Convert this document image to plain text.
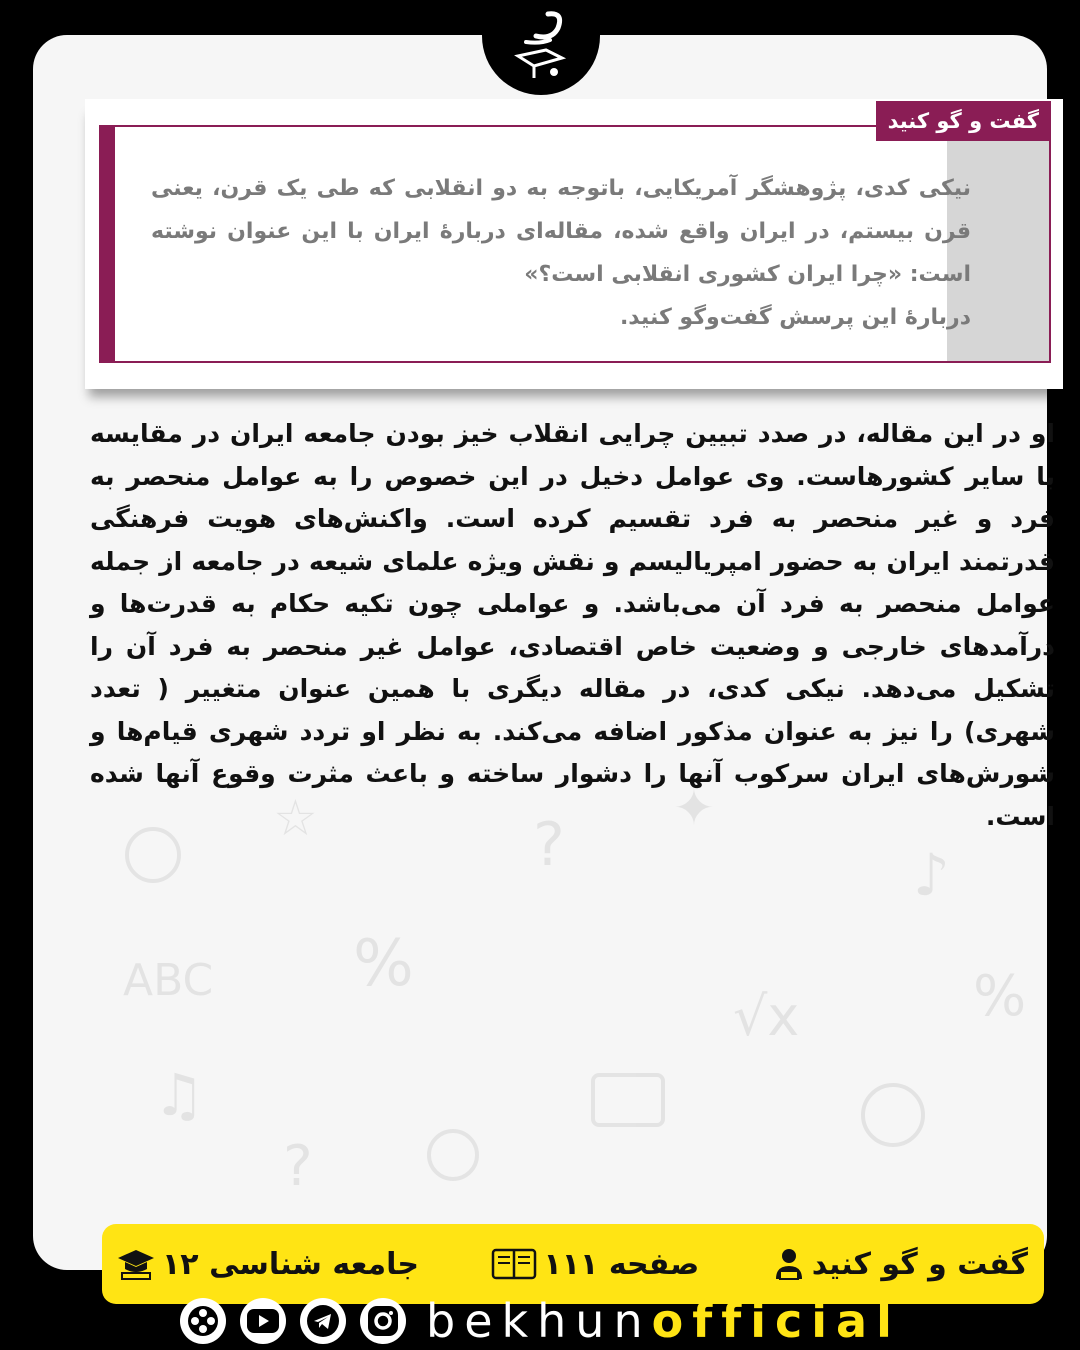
?
%
♪
♫
√x
ABC
☆	✦
?
%
گفت و گو کنید

نیکی کدی، پژوهشگر آمریکایی، باتوجه به دو انقلابی که طی یک قرن، یعنی قرن بیستم، در ایران واقع شده، مقاله‌ای دربارهٔ ایران با این عنوان نوشته است: «چرا ایران کشوری انقلابی است؟»

دربارهٔ این پرسش گفت‌وگو کنید.

او در این مقاله، در صدد تبیین چرایی انقلاب خیز بودن جامعه ایران در مقایسه با سایر کشورهاست. وی عوامل دخیل در این خصوص را به عوامل منحصر به فرد و غیر منحصر به فرد تقسیم کرده است. واکنش‌های هویت فرهنگی قدرتمند ایران به حضور امپریالیسم و نقش ویژه علمای شیعه در جامعه از جمله عوامل منحصر به فرد آن می‌باشد. و عواملی چون تکیه حکام به قدرت‌ها و درآمدهای خارجی و وضعیت خاص اقتصادی، عوامل غیر منحصر به فرد آن را تشکیل می‌دهد. نیکی کدی، در مقاله دیگری با همین عنوان متغییر ( تعدد شهری) را نیز به عنوان مذکور اضافه می‌کند. به نظر او تردد شهری قیام‌ها و شورش‌های ایران سرکوب آنها را دشوار ساخته و باعث مثرت وقوع آنها شده است.
گفت و گو کنید
صفحه ۱۱۱
جامعه شناسی ۱۲
bekhunofficial
